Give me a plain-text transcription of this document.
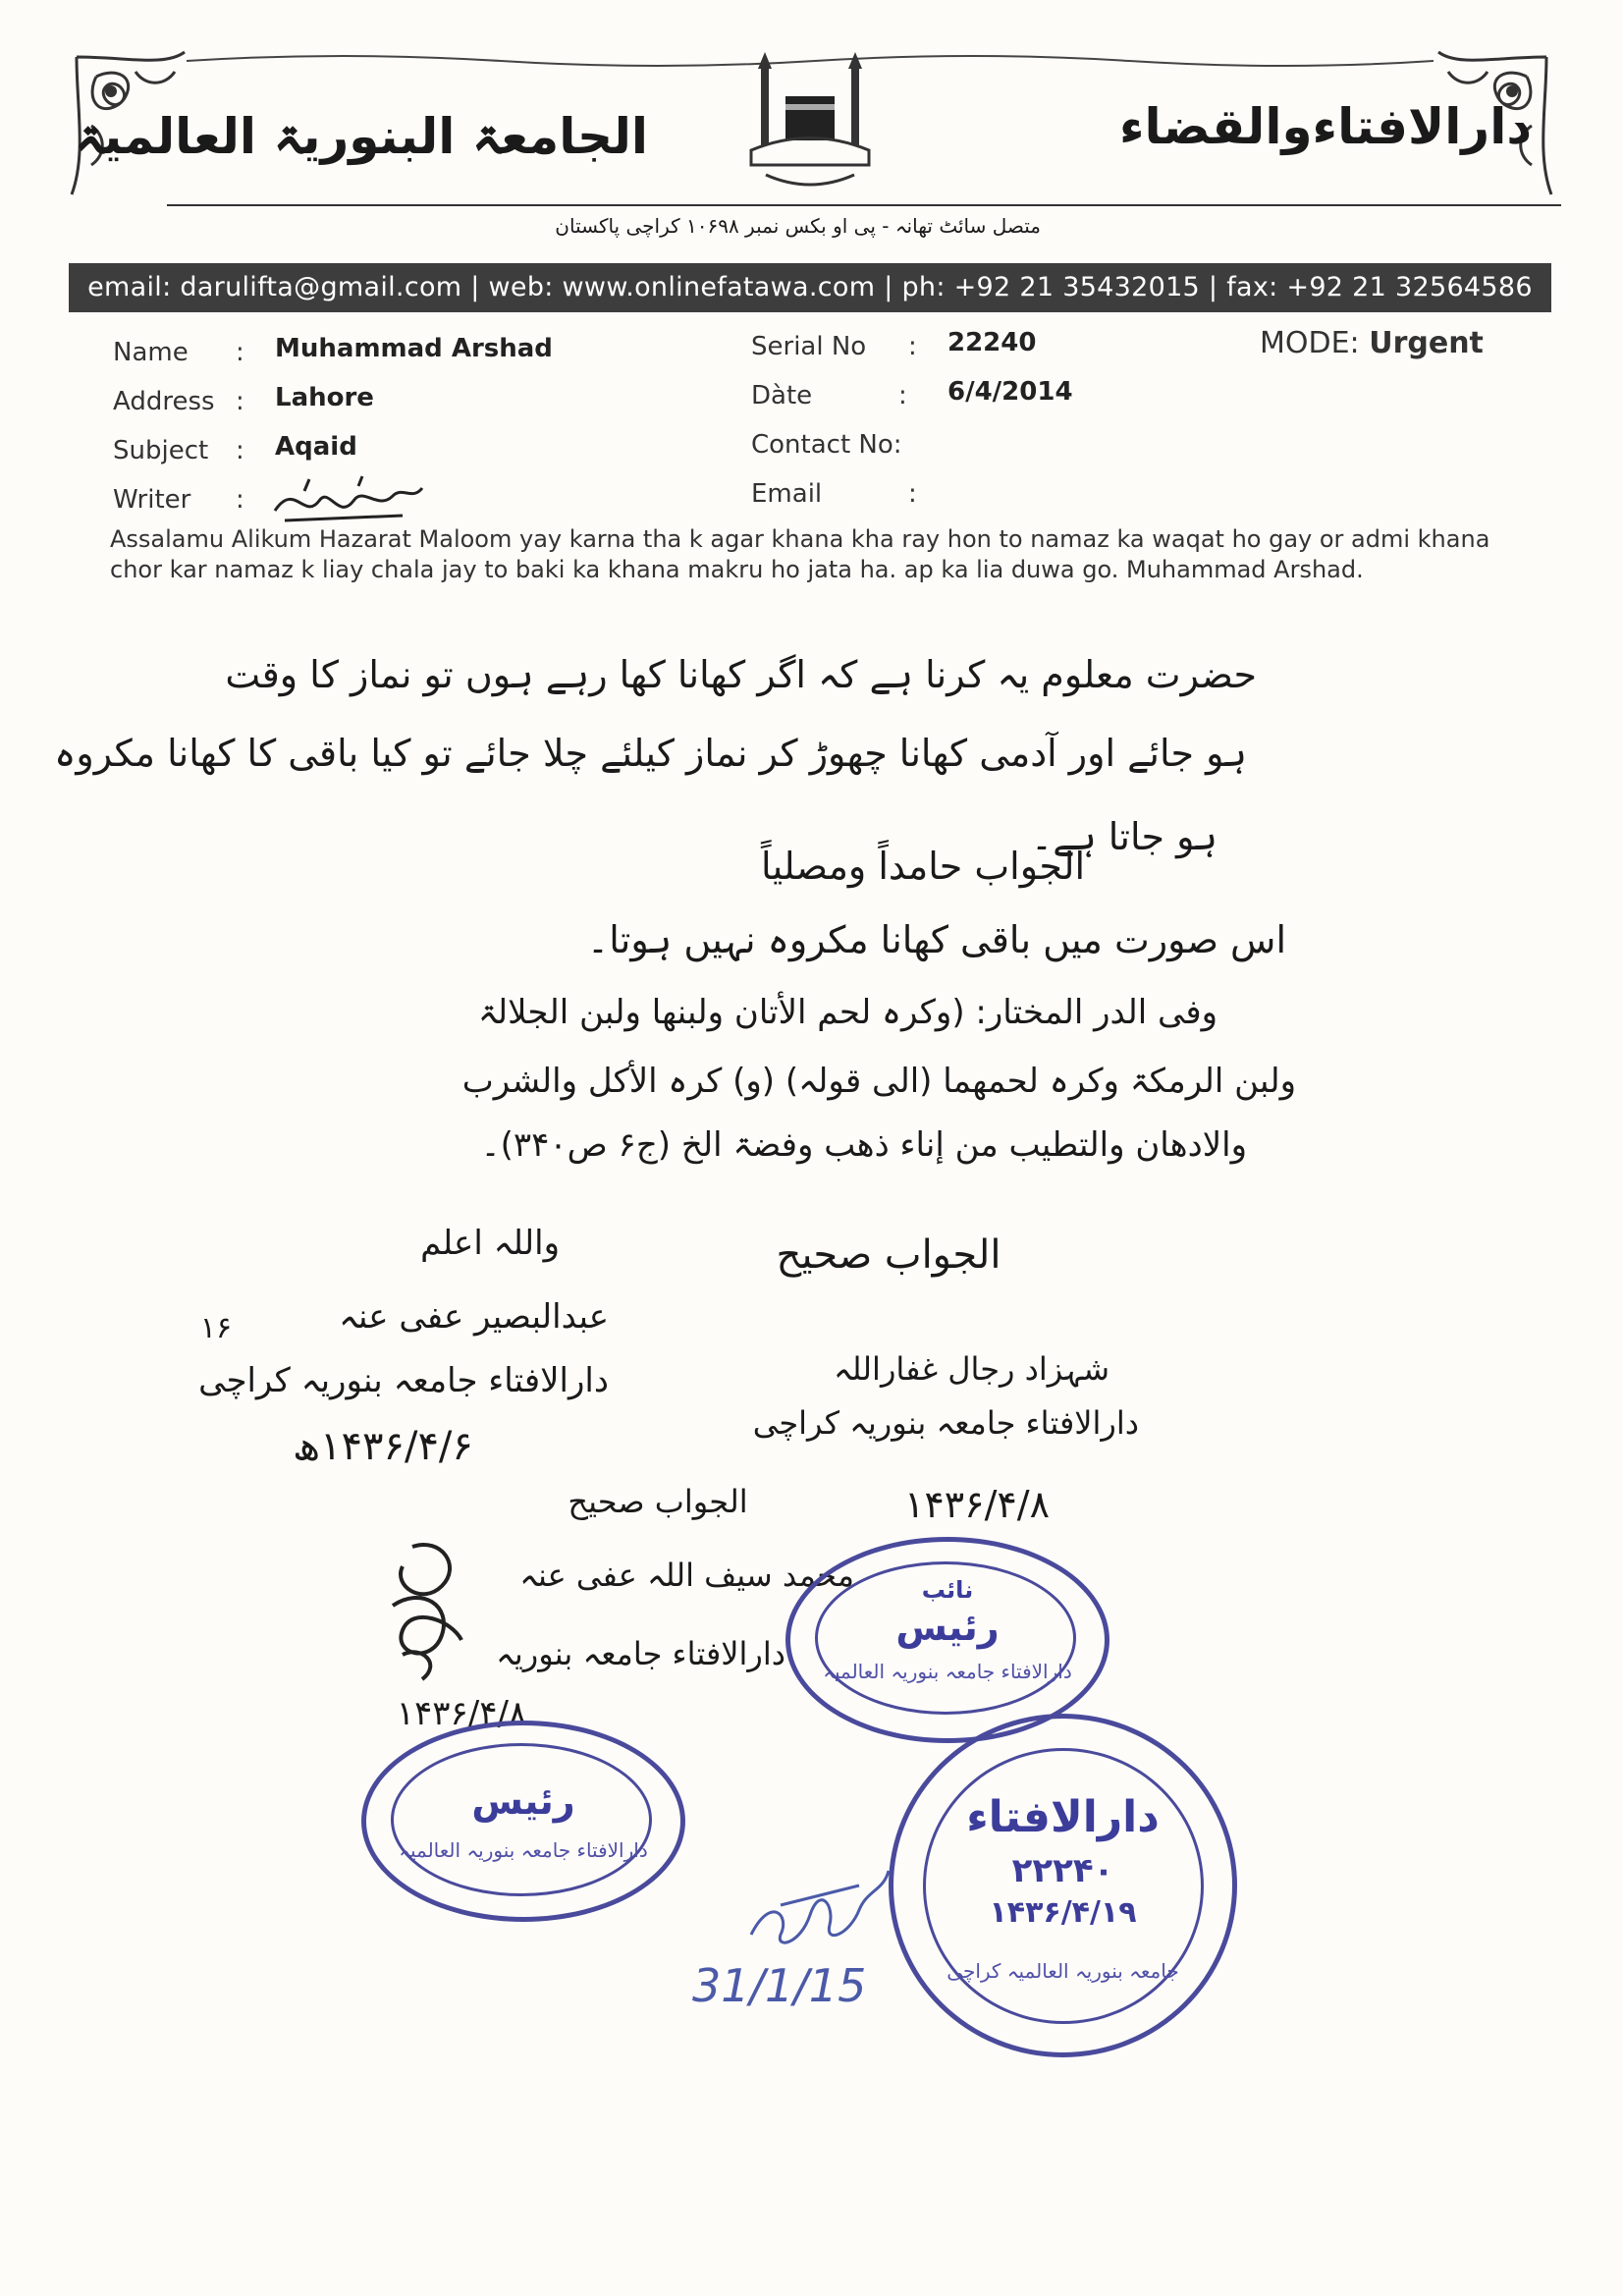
دارالافتاءوالقضاء
الجامعۃ البنوریۃ العالمیۃ
متصل سائٹ تھانہ - پی او بکس نمبر ۱۰۶۹۸ کراچی پاکستان
email: darulifta@gmail.com | web: www.onlinefatawa.com | ph: +92 21 35432015 | fax: +92 21 32564586
Name : Muhammad Arshad
Address : Lahore
Subject : Aqaid
Writer :
Serial No : 22240
Dàte	: 6/4/2014
Contact No:
Email	:
MODE: Urgent
Assalamu Alikum Hazarat Maloom yay karna tha k agar khana kha ray hon to namaz ka waqat ho gay or admi khana chor kar namaz k liay chala jay to baki ka khana makru ho jata ha. ap ka lia duwa go. Muhammad Arshad.
حضرت معلوم یہ کرنا ہے کہ اگر کھانا کھا رہے ہوں تو نماز کا وقت
ہو جائے اور آدمی کھانا چھوڑ کر نماز کیلئے چلا جائے تو کیا باقی کا کھانا مکروہ
ہو جاتا ہے۔
الجواب حامداً ومصلیاً
اس صورت میں باقی کھانا مکروہ نہیں ہوتا۔
وفی الدر المختار: (وکرہ لحم الأتان ولبنھا ولبن الجلالۃ
ولبن الرمکۃ وکرہ لحمھما (الی قولہ) (و) کرہ الأکل والشرب
والادھان والتطیب من إناء ذھب وفضۃ الخ (ج۶ ص۳۴۰)۔
واللہ اعلم
عبدالبصیر عفی عنہ
۱۶
دارالافتاء جامعہ بنوریہ کراچی
۱۴۳۶/۴/۶ھ
الجواب صحیح
شہزاد رجال غفاراللہ
دارالافتاء جامعہ بنوریہ کراچی
۱۴۳۶/۴/۸
الجواب صحیح
محمد سیف اللہ عفی عنہ
دارالافتاء جامعہ بنوریہ
۱۴۳۶/۴/۸
نائب
رئیس
دارالافتاء جامعہ بنوریہ العالمیہ
رئیس
دارالافتاء جامعہ بنوریہ العالمیہ
دارالافتاء
۲۲۲۴۰
۱۴۳۶/۴/۱۹
جامعہ بنوریہ العالمیہ کراچی
31/1/15
